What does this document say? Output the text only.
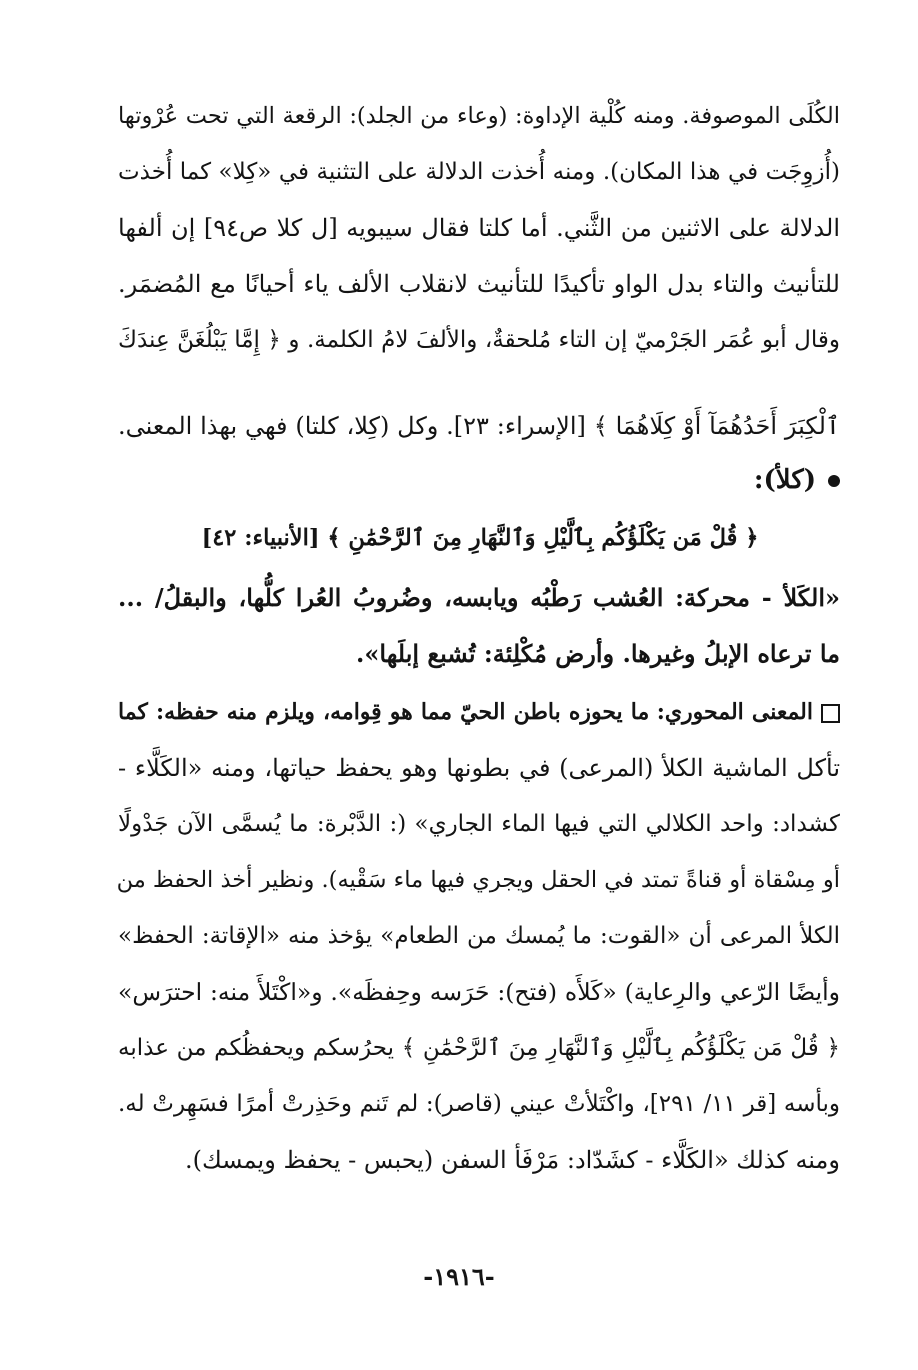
الكُلَى الموصوفة. ومنه كُلْية الإداوة: (وعاء من الجلد): الرقعة التي تحت عُرْوتها
(أُزوِجَت في هذا المكان). ومنه أُخذت الدلالة على التثنية في «كِلا» كما أُخذت
الدلالة على الاثنين من الثَّني. أما كلتا فقال سيبويه [ل كلا ص٩٤] إن ألفها
للتأنيث والتاء بدل الواو تأكيدًا للتأنيث لانقلاب الألف ياء أحيانًا مع المُضمَر.
وقال أبو عُمَر الجَرْميّ إن التاء مُلحقةٌ، والألفَ لامُ الكلمة. و ﴿ إِمَّا يَبْلُغَنَّ عِندَكَ
ٱلْكِبَرَ أَحَدُهُمَآ أَوْ كِلَاهُمَا ﴾ [الإسراء: ٢٣]. وكل (كِلا، كلتا) فهي بهذا المعنى.
(كلأ):
﴿ قُلْ مَن يَكْلَؤُكُم بِٱلَّيْلِ وَٱلنَّهَارِ مِنَ ٱلرَّحْمَٰنِ ﴾ [الأنبياء: ٤٢]
«الكَلأ - محركة: العُشب رَطْبُه ويابسه، وضُروبُ العُرا كلُّها، والبقلُ/ ...
ما ترعاه الإبلُ وغيرها. وأرض مُكْلِئة: تُشبع إبلَها».
المعنى المحوري: ما يحوزه باطن الحيّ مما هو قِوامه، ويلزم منه حفظه: كما
تأكل الماشية الكلأ (المرعى) في بطونها وهو يحفظ حياتها، ومنه «الكَلَّاء -
كشداد: واحد الكلالي التي فيها الماء الجاري» (: الدَّبْرة: ما يُسمَّى الآن جَدْولًا
أو مِسْقاة أو قناةً تمتد في الحقل ويجري فيها ماء سَقْيه). ونظير أخذ الحفظ من
الكلأ المرعى أن «القوت: ما يُمسك من الطعام» يؤخذ منه «الإقاتة: الحفظ»
وأيضًا الرّعي والرِعاية) «كَلأَه (فتح): حَرَسه وحِفظَه». و«اكْتَلأَ منه: احترَس»
﴿ قُلْ مَن يَكْلَؤُكُم بِٱلَّيْلِ وَٱلنَّهَارِ مِنَ ٱلرَّحْمَٰنِ ﴾ يحرُسكم ويحفظُكم من عذابه
وبأسه [قر ١١/ ٢٩١]، واكْتَلأتْ عيني (قاصر): لم تَنم وحَذِرتْ أمرًا فسَهِرتْ له.
ومنه كذلك «الكَلَّاء - كشَدّاد: مَرْفَأ السفن (يحبس - يحفظ ويمسك).
-١٩١٦-
